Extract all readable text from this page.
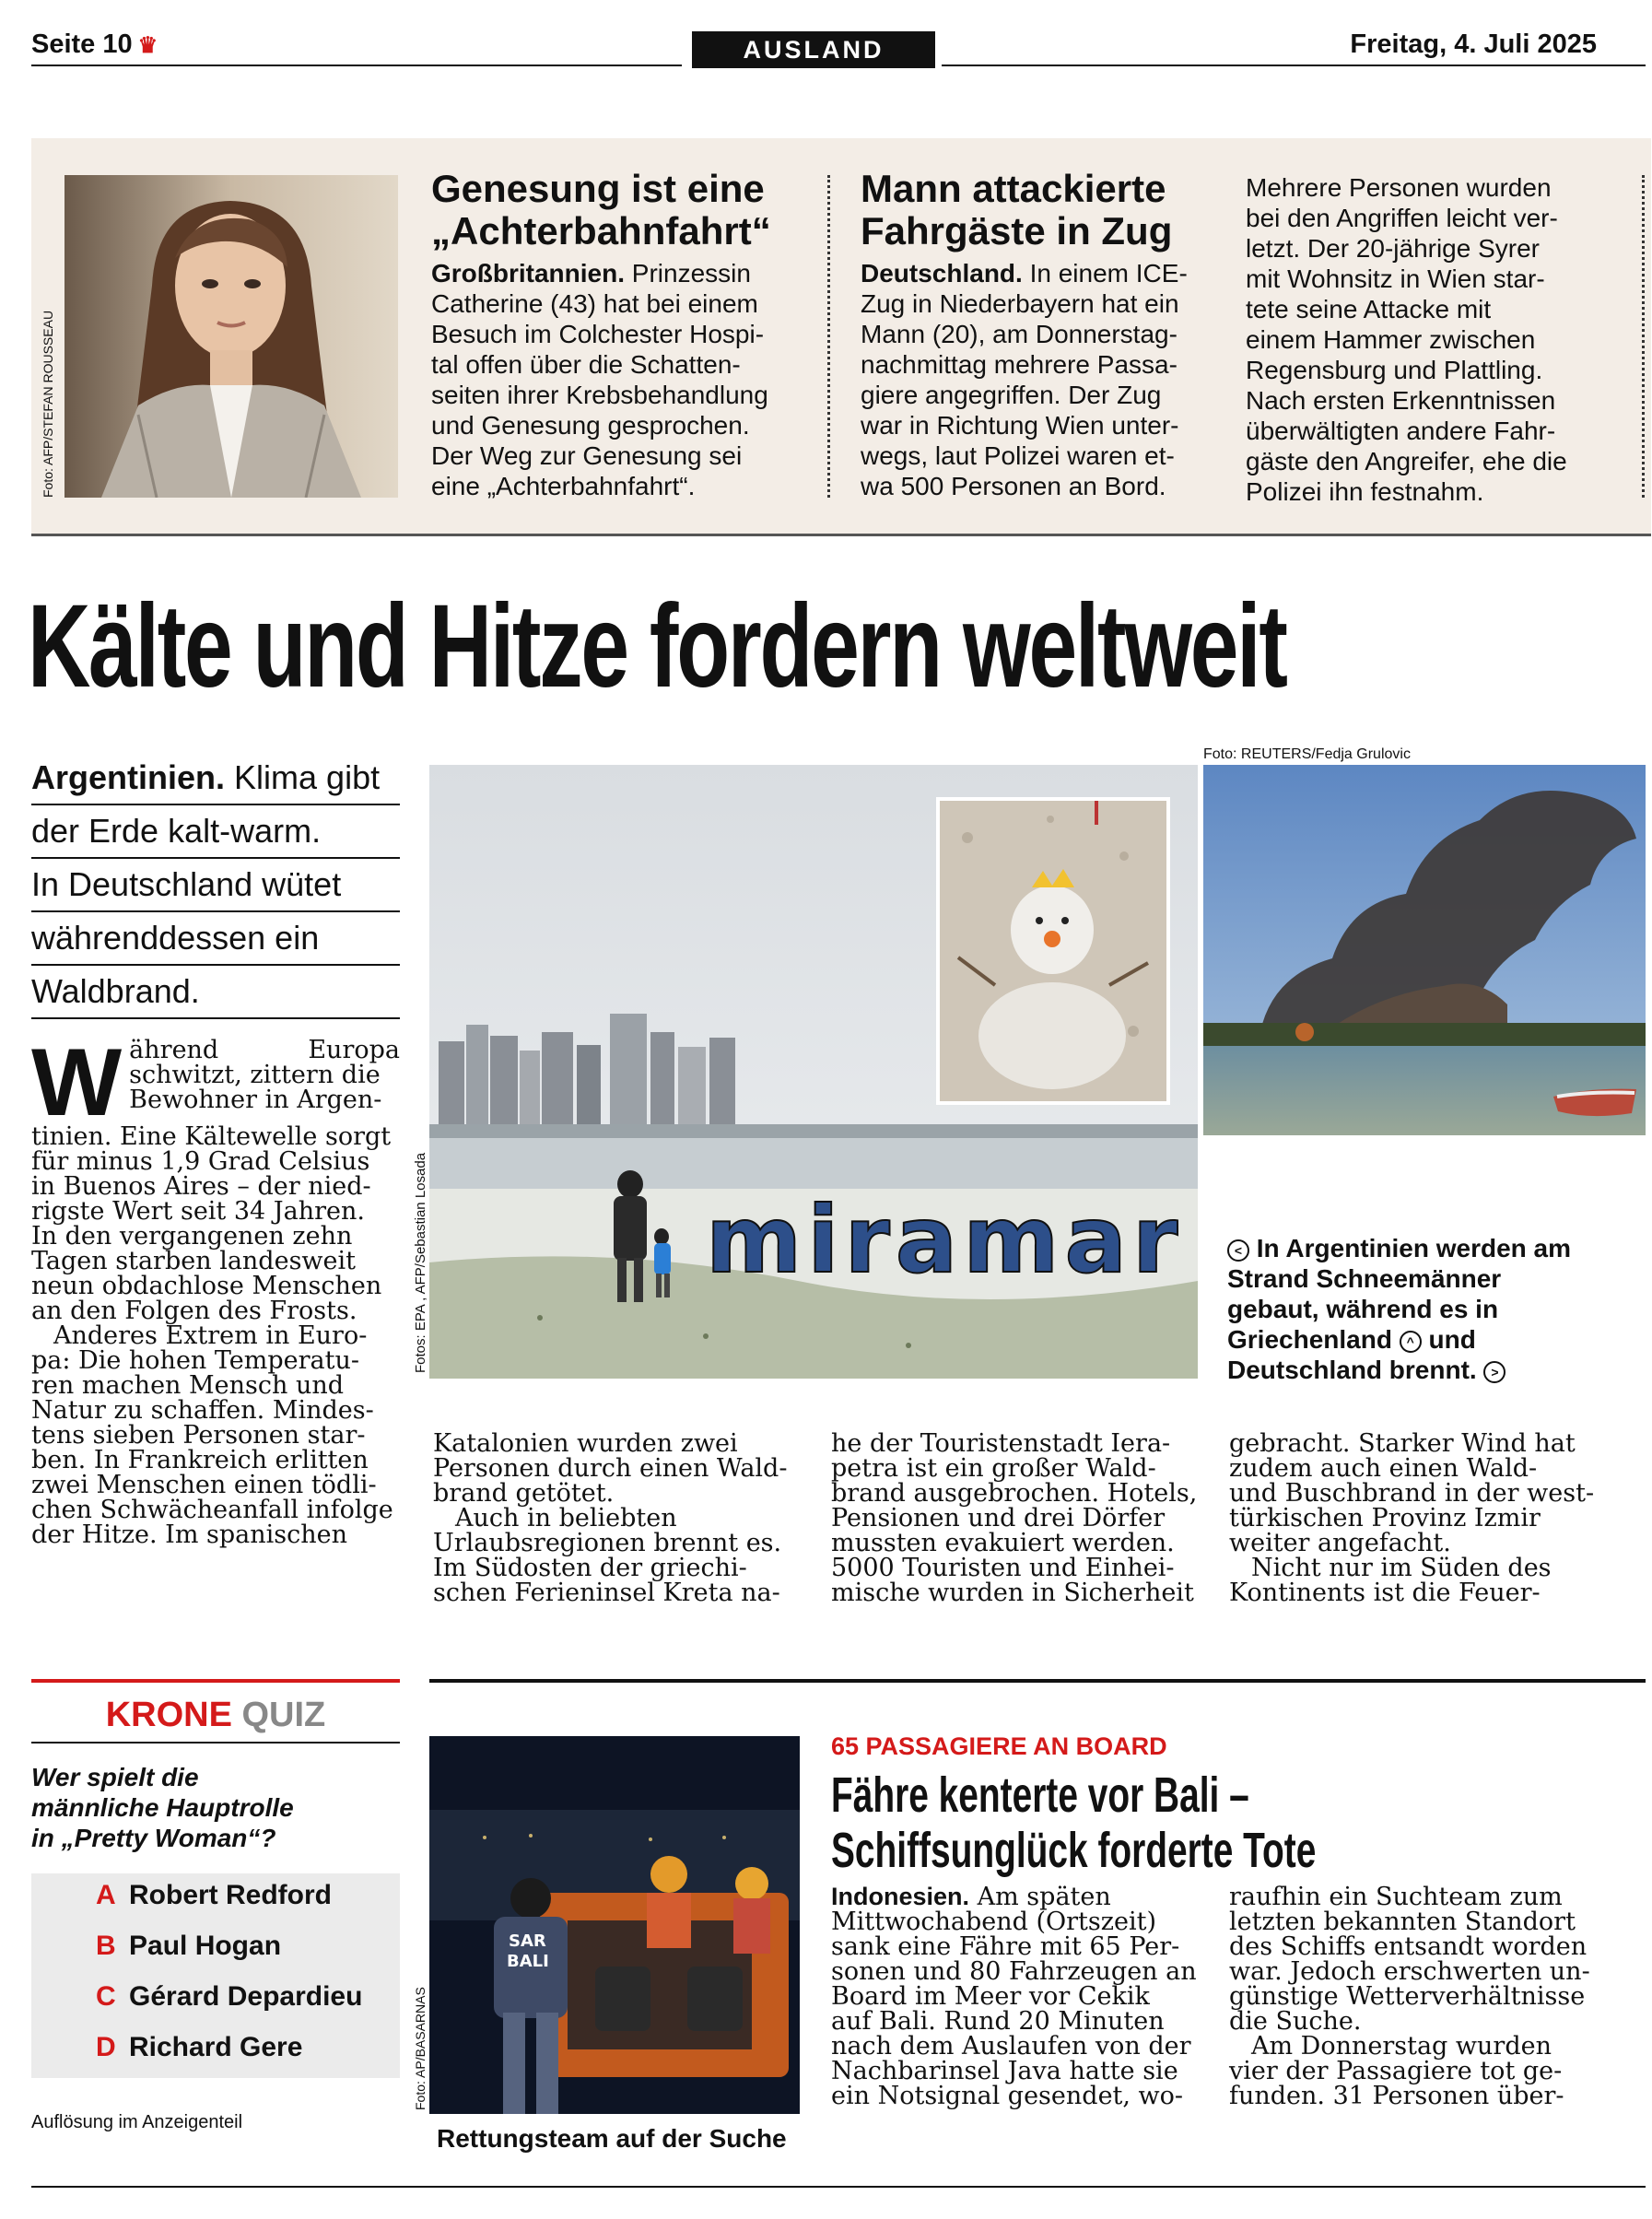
Seite 10 ♛	AUSLAND	Freitag, 4. Juli 2025
Foto: AFP/STEFAN ROUSSEAU
Genesung ist eine
„Achterbahnfahrt“
Großbritannien. Prinzessin
Catherine (43) hat bei einem
Besuch im Colchester Hospi-
tal offen über die Schatten-
seiten ihrer Krebsbehandlung
und Genesung gesprochen.
Der Weg zur Genesung sei
eine „Achterbahnfahrt“.
Mann attackierte
Fahrgäste in Zug
Deutschland. In einem ICE-
Zug in Niederbayern hat ein
Mann (20), am Donnerstag-
nachmittag mehrere Passa-
giere angegriffen. Der Zug
war in Richtung Wien unter-
wegs, laut Polizei waren et-
wa 500 Personen an Bord.
Mehrere Personen wurden
bei den Angriffen leicht ver-
letzt. Der 20-jährige Syrer
mit Wohnsitz in Wien star-
tete seine Attacke mit
einem Hammer zwischen
Regensburg und Plattling.
Nach ersten Erkenntnissen
überwältigten andere Fahr-
gäste den Angreifer, ehe die
Polizei ihn festnahm.
Kälte und Hitze fordern weltweit
Argentinien. Klima gibt
der Erde kalt-warm.
In Deutschland wütet
währenddessen ein
Waldbrand.
W ährend Europa
schwitzt, zittern die
Bewohner in Argen-
tinien. Eine Kältewelle sorgt
für minus 1,9 Grad Celsius
in Buenos Aires – der nied-
rigste Wert seit 34 Jahren.
In den vergangenen zehn
Tagen starben landesweit
neun obdachlose Menschen
an den Folgen des Frosts.
Anderes Extrem in Euro-
pa: Die hohen Temperatu-
ren machen Mensch und
Natur zu schaffen. Mindes-
tens sieben Personen star-
ben. In Frankreich erlitten
zwei Menschen einen tödli-
chen Schwächeanfall infolge
der Hitze. Im spanischen
Fotos: EPA , AFP/Sebastian Losada	miramar
Foto: REUTERS/Fedja Grulovic
< In Argentinien werden am
Strand Schneemänner
gebaut, während es in
Griechenland ^ und
Deutschland brennt. >
Katalonien wurden zwei
Personen durch einen Wald-
brand getötet.
Auch in beliebten
Urlaubsregionen brennt es.
Im Südosten der griechi-
schen Ferieninsel Kreta na-
he der Touristenstadt Iera-
petra ist ein großer Wald-
brand ausgebrochen. Hotels,
Pensionen und drei Dörfer
mussten evakuiert werden.
5000 Touristen und Einhei-
mische wurden in Sicherheit
gebracht. Starker Wind hat
zudem auch einen Wald-
und Buschbrand in der west-
türkischen Provinz Izmir
weiter angefacht.
Nicht nur im Süden des
Kontinents ist die Feuer-
KRONE QUIZ
Wer spielt die
männliche Hauptrolle
in „Pretty Woman“?
A Robert Redford
B Paul Hogan
C Gérard Depardieu
D Richard Gere
Auflösung im Anzeigenteil
Foto: AP/BASARNAS
SAR
BALI
Rettungsteam auf der Suche
65 PASSAGIERE AN BOARD
Fähre kenterte vor Bali –
Schiffsunglück forderte Tote
Indonesien. Am späten
Mittwochabend (Ortszeit)
sank eine Fähre mit 65 Per-
sonen und 80 Fahrzeugen an
Board im Meer vor Cekik
auf Bali. Rund 20 Minuten
nach dem Auslaufen von der
Nachbarinsel Java hatte sie
ein Notsignal gesendet, wo-
raufhin ein Suchteam zum
letzten bekannten Standort
des Schiffs entsandt worden
war. Jedoch erschwerten un-
günstige Wetterverhältnisse
die Suche.
Am Donnerstag wurden
vier der Passagiere tot ge-
funden. 31 Personen über-
